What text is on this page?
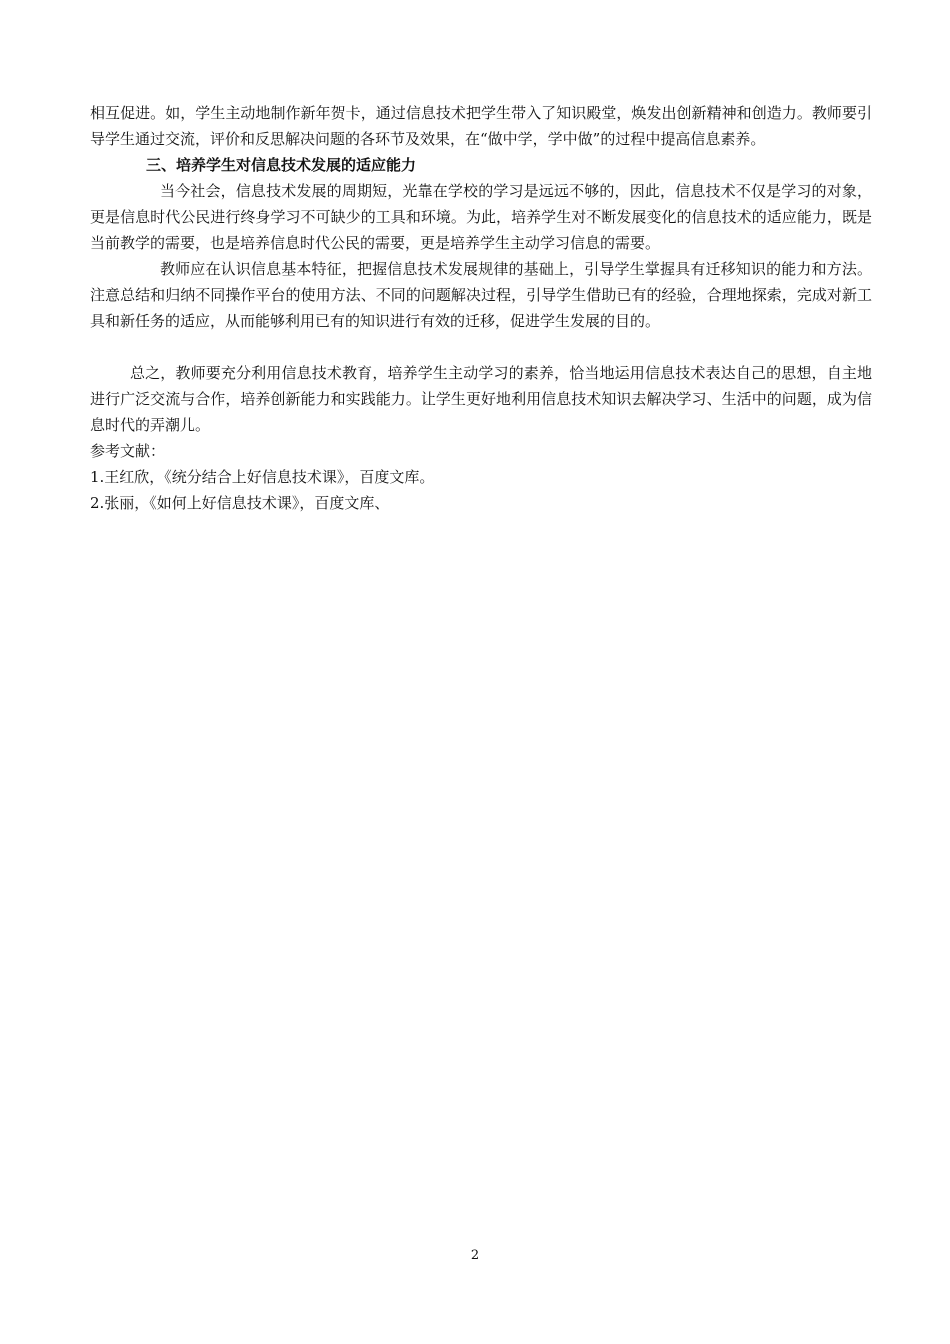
相互促进。如，学生主动地制作新年贺卡，通过信息技术把学生带入了知识殿堂，焕发出创新精神和创造力。教师要引导学生通过交流，评价和反思解决问题的各环节及效果，在“做中学，学中做”的过程中提高信息素养。

三、培养学生对信息技术发展的适应能力

当今社会，信息技术发展的周期短，光靠在学校的学习是远远不够的，因此，信息技术不仅是学习的对象，更是信息时代公民进行终身学习不可缺少的工具和环境。为此，培养学生对不断发展变化的信息技术的适应能力，既是当前教学的需要，也是培养信息时代公民的需要，更是培养学生主动学习信息的需要。

教师应在认识信息基本特征，把握信息技术发展规律的基础上，引导学生掌握具有迁移知识的能力和方法。注意总结和归纳不同操作平台的使用方法、不同的问题解决过程，引导学生借助已有的经验，合理地探索，完成对新工具和新任务的适应，从而能够利用已有的知识进行有效的迁移，促进学生发展的目的。

总之，教师要充分利用信息技术教育，培养学生主动学习的素养，恰当地运用信息技术表达自己的思想，自主地进行广泛交流与合作，培养创新能力和实践能力。让学生更好地利用信息技术知识去解决学习、生活中的问题，成为信息时代的弄潮儿。

参考文献：

1.王红欣，《统分结合上好信息技术课》，百度文库。

2.张丽，《如何上好信息技术课》，百度文库、

2
